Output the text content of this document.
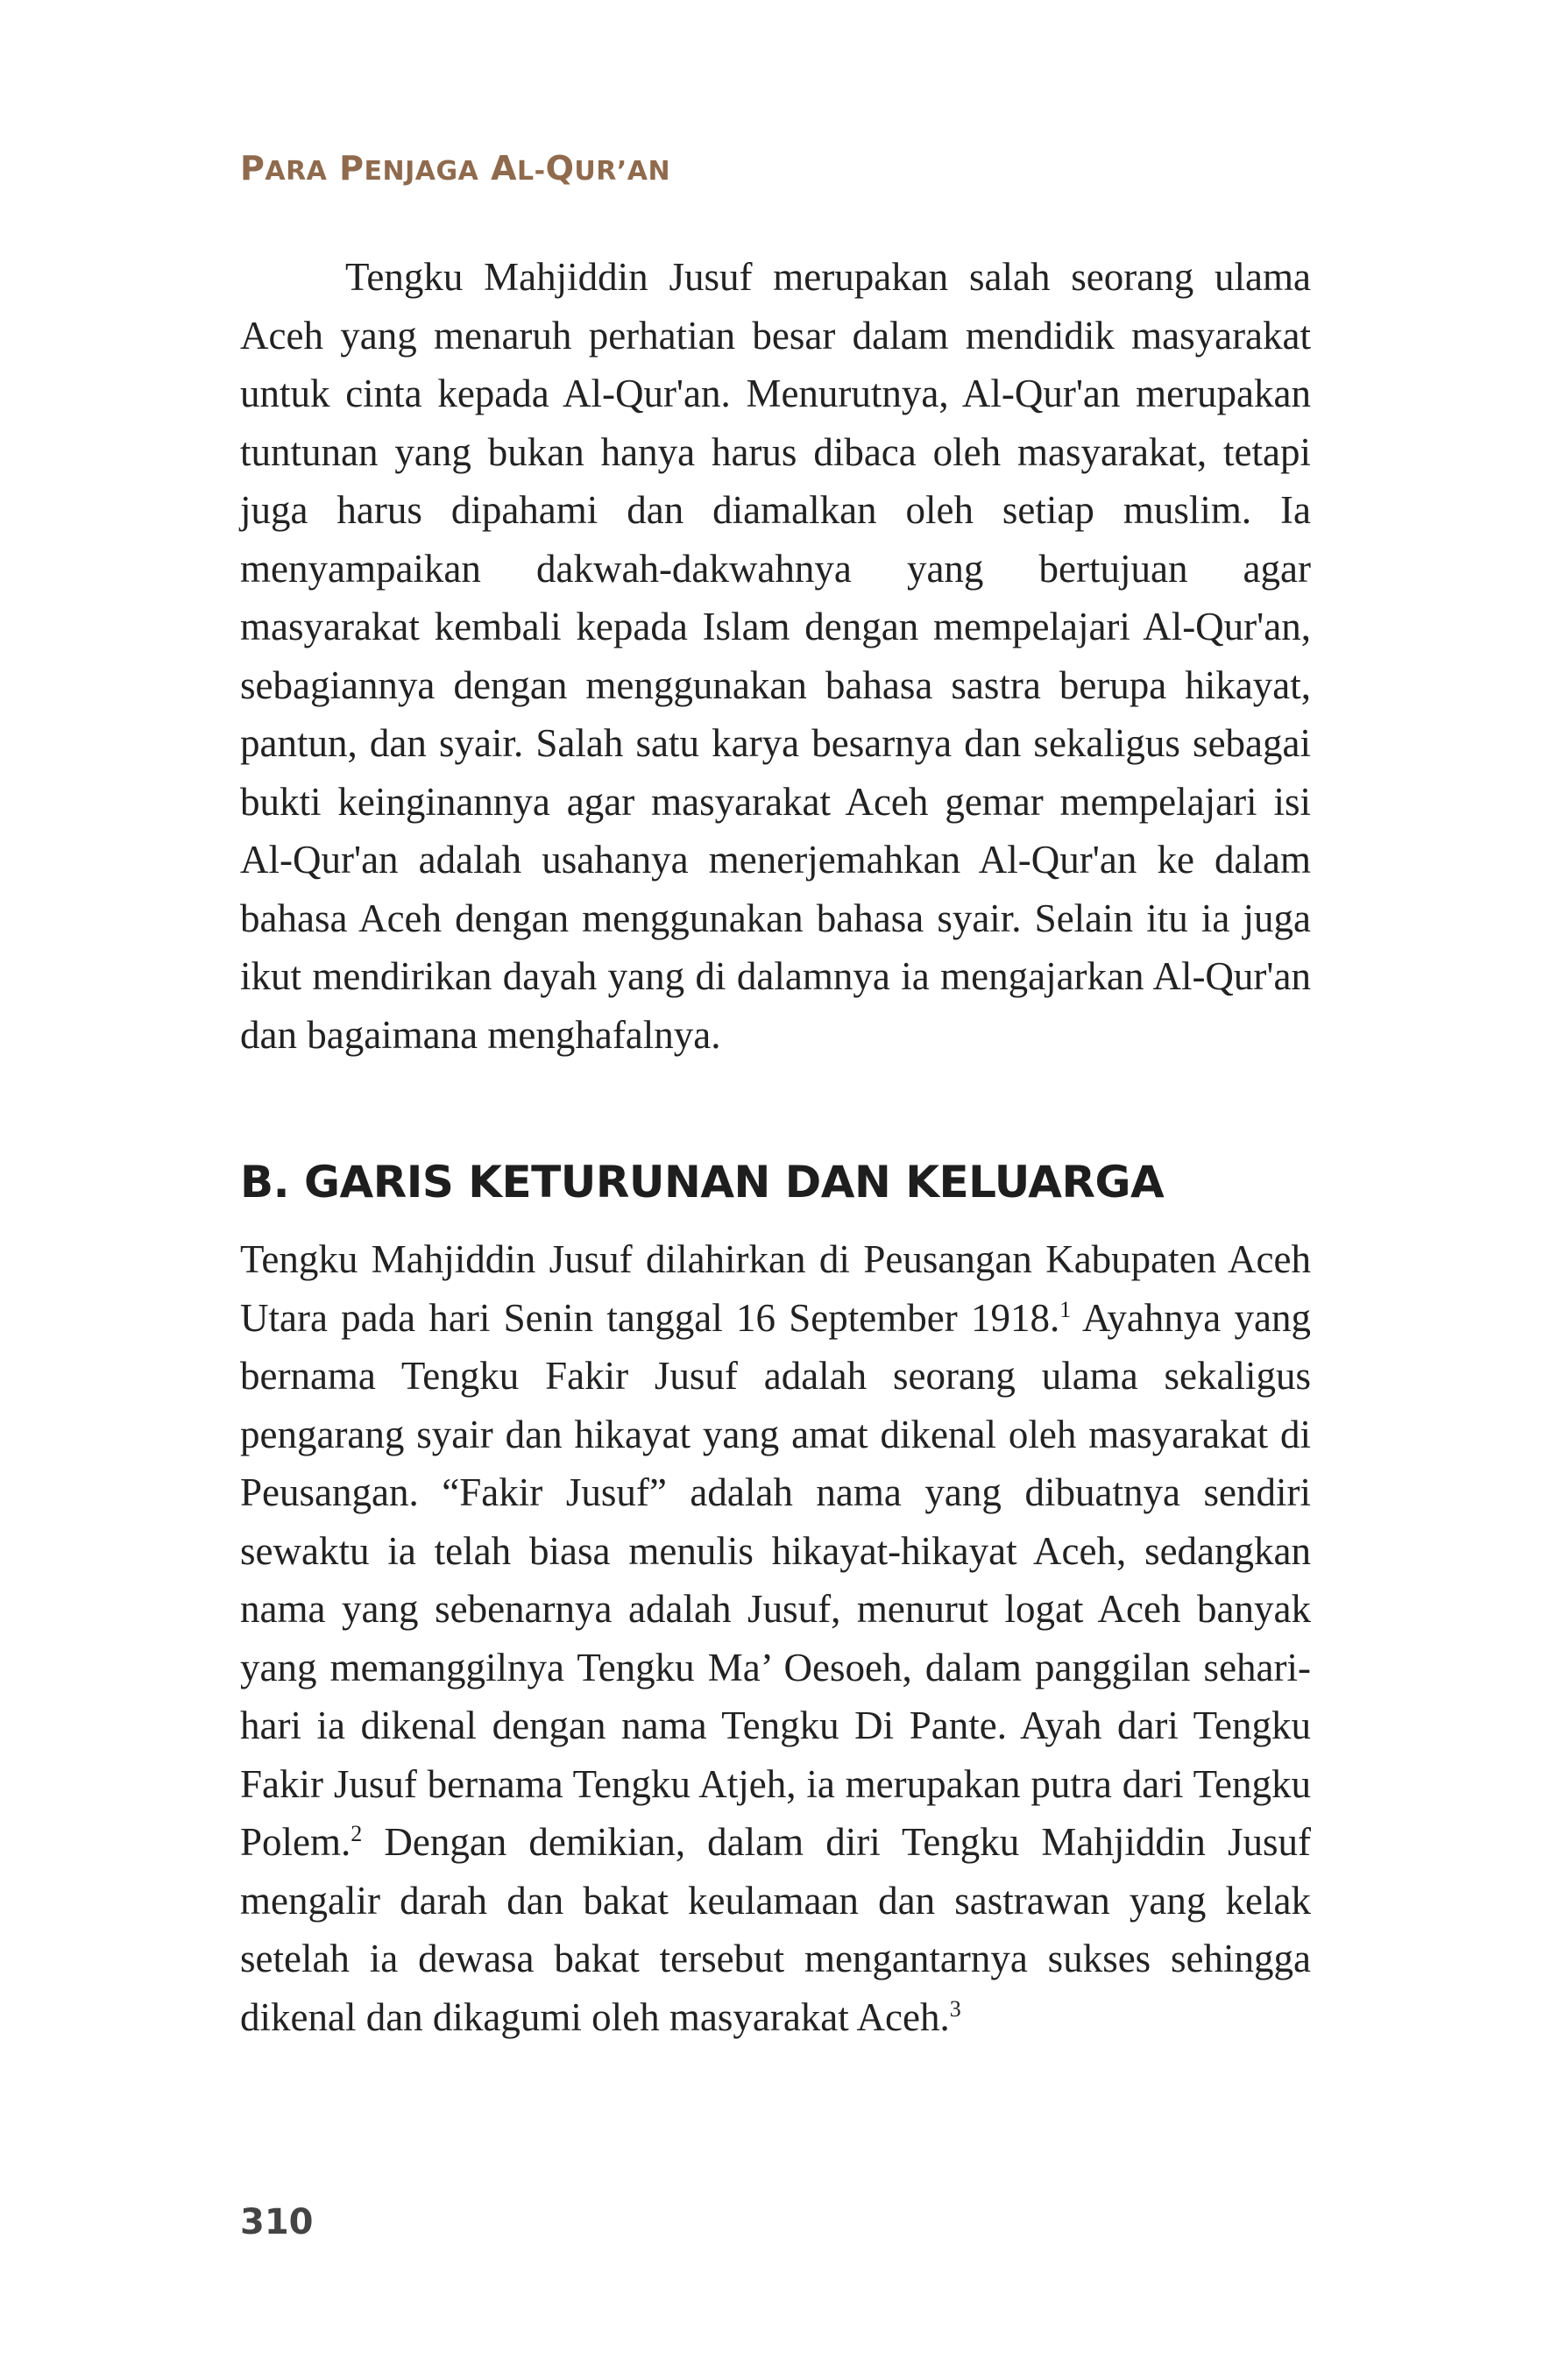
PARA PENJAGA AL-QUR’AN

Tengku Mahjiddin Jusuf merupakan salah seorang ulama Aceh yang menaruh perhatian besar dalam mendidik masyarakat untuk cinta kepada Al-Qur'an. Menurutnya, Al-Qur'an merupakan tuntunan yang bukan hanya harus dibaca oleh masyarakat, tetapi juga harus dipahami dan diamalkan oleh setiap muslim. Ia menyampaikan dakwah-dakwahnya yang bertujuan agar masyarakat kembali kepada Islam dengan mempelajari Al-Qur'an, sebagiannya dengan menggunakan bahasa sastra berupa hikayat, pantun, dan syair. Salah satu karya besarnya dan sekaligus sebagai bukti keinginannya agar masyarakat Aceh gemar mempelajari isi Al-Qur'an adalah usahanya menerjemahkan Al-Qur'an ke dalam bahasa Aceh dengan menggunakan bahasa syair. Selain itu ia juga ikut mendirikan dayah yang di dalamnya ia mengajarkan Al-Qur'an dan bagaimana menghafalnya.

B. GARIS KETURUNAN DAN KELUARGA

Tengku Mahjiddin Jusuf dilahirkan di Peusangan Kabupaten Aceh Utara pada hari Senin tanggal 16 September 1918.$^1$ Ayahnya yang bernama Tengku Fakir Jusuf adalah seorang ulama sekaligus pengarang syair dan hikayat yang amat dikenal oleh masyarakat di Peusangan. “Fakir Jusuf” adalah nama yang dibuatnya sendiri sewaktu ia telah biasa menulis hikayat-hikayat Aceh, sedangkan nama yang sebenarnya adalah Jusuf, menurut logat Aceh banyak yang memanggilnya Tengku Ma’ Oesoeh, dalam panggilan sehari-hari ia dikenal dengan nama Tengku Di Pante. Ayah dari Tengku Fakir Jusuf bernama Tengku Atjeh, ia merupakan putra dari Tengku Polem.$^2$ Dengan demikian, dalam diri Tengku Mahjiddin Jusuf mengalir darah dan bakat keulamaan dan sastrawan yang kelak setelah ia dewasa bakat tersebut mengantarnya sukses sehingga dikenal dan dikagumi oleh masyarakat Aceh.$^3$

310
